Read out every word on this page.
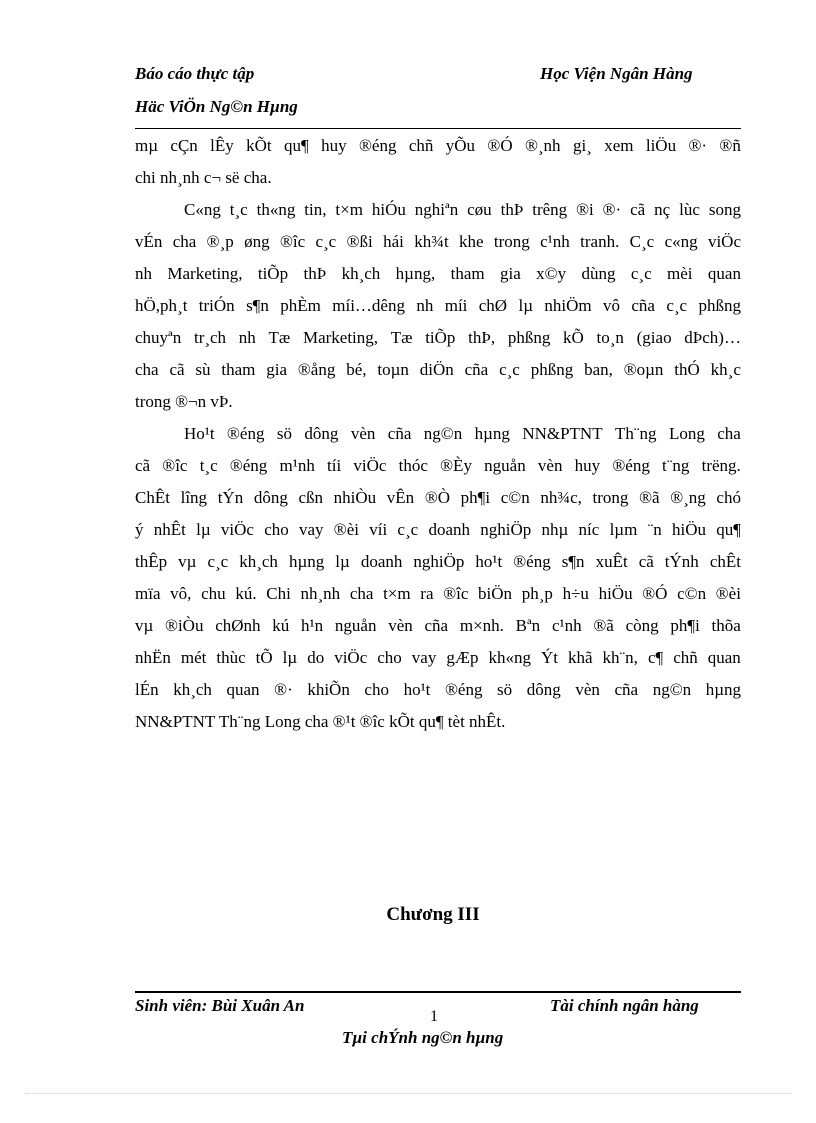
Báo cáo thực tập	Học Viện Ngân Hàng
Häc ViÖn Ng©n Hµng
mµ cÇn lÊy kÕt qu¶ huy ®éng chñ yÕu ®Ó ®¸nh gi¸ xem liÖu ®· ®ñ
chi nh¸nh c¬ së cha.
C«ng t¸c th«ng tin, t×m hiÓu nghiªn cøu thÞ trêng ®i ®· cã nç lùc song
vÉn cha ®¸p øng ®îc c¸c ®ßi hái kh¾t khe trong c¹nh tranh. C¸c c«ng viÖc
nh Marketing, tiÕp thÞ kh¸ch hµng, tham gia x©y dùng c¸c mèi quan
hÖ,ph¸t triÓn s¶n phÈm míi…dêng nh míi chØ lµ nhiÖm vô cña c¸c phßng
chuyªn tr¸ch nh Tæ Marketing, Tæ tiÕp thÞ, phßng kÕ to¸n (giao dÞch)…
cha cã sù tham gia ®ång bé, toµn diÖn cña c¸c phßng ban, ®oµn thÓ kh¸c
trong ®¬n vÞ.
Ho¹t ®éng sö dông vèn cña ng©n hµng NN&PTNT Th¨ng Long cha
cã ®îc t¸c ®éng m¹nh tíi viÖc thóc ®Èy nguån vèn huy ®éng t¨ng trëng.
ChÊt lîng tÝn dông cßn nhiÒu vÊn ®Ò ph¶i c©n nh¾c, trong ®ã ®¸ng chó
ý nhÊt lµ viÖc cho vay ®èi víi c¸c doanh nghiÖp nhµ níc lµm ¨n hiÖu qu¶
thÊp vµ c¸c kh¸ch hµng lµ doanh nghiÖp ho¹t ®éng s¶n xuÊt cã tÝnh chÊt
mïa vô, chu kú. Chi nh¸nh cha t×m ra ®îc biÖn ph¸p h÷u hiÖu ®Ó c©n ®èi
vµ ®iÒu chØnh kú h¹n nguån vèn cña m×nh. Bªn c¹nh ®ã còng ph¶i thõa
nhËn mét thùc tÕ lµ do viÖc cho vay gÆp kh«ng Ýt khã kh¨n, c¶ chñ quan
lÉn kh¸ch quan ®· khiÕn cho ho¹t ®éng sö dông vèn cña ng©n hµng
NN&PTNT Th¨ng Long cha ®¹t ®îc kÕt qu¶ tèt nhÊt.
Chương III
Sinh viên: Bùi Xuân An
1
Tài chính ngân hàng
Tµi chÝnh ng©n hµng
